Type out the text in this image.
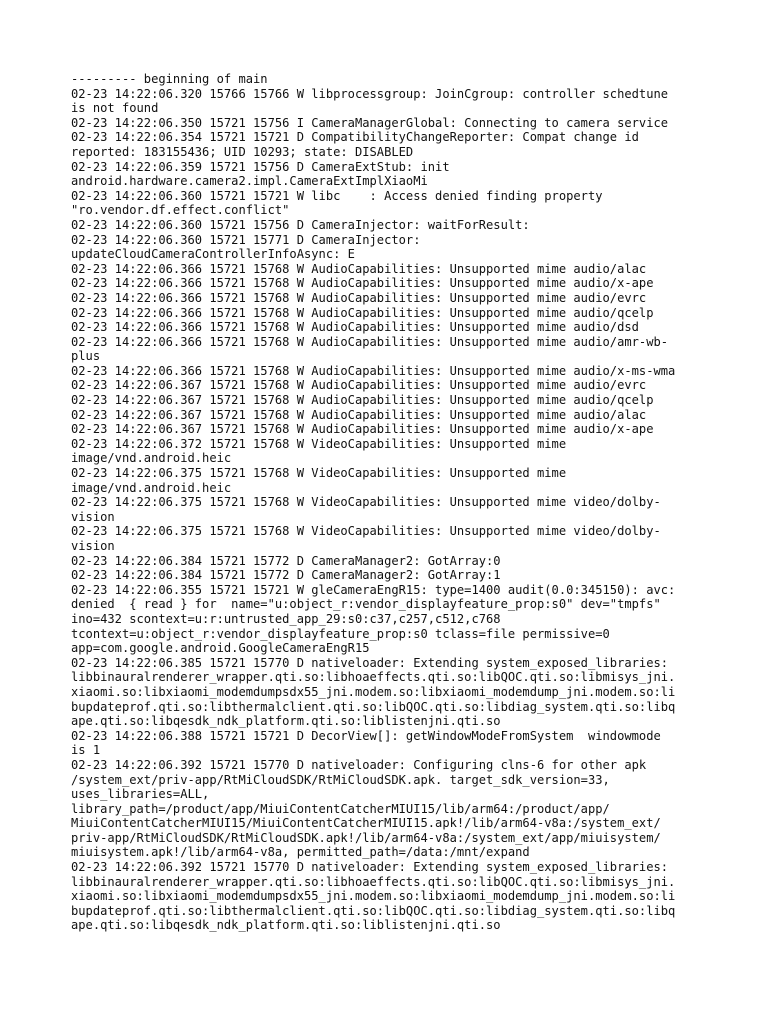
--------- beginning of main
02-23 14:22:06.320 15766 15766 W libprocessgroup: JoinCgroup: controller schedtune
is not found
02-23 14:22:06.350 15721 15756 I CameraManagerGlobal: Connecting to camera service
02-23 14:22:06.354 15721 15721 D CompatibilityChangeReporter: Compat change id
reported: 183155436; UID 10293; state: DISABLED
02-23 14:22:06.359 15721 15756 D CameraExtStub: init
android.hardware.camera2.impl.CameraExtImplXiaoMi
02-23 14:22:06.360 15721 15721 W libc    : Access denied finding property
"ro.vendor.df.effect.conflict"
02-23 14:22:06.360 15721 15756 D CameraInjector: waitForResult:
02-23 14:22:06.360 15721 15771 D CameraInjector:
updateCloudCameraControllerInfoAsync: E
02-23 14:22:06.366 15721 15768 W AudioCapabilities: Unsupported mime audio/alac
02-23 14:22:06.366 15721 15768 W AudioCapabilities: Unsupported mime audio/x-ape
02-23 14:22:06.366 15721 15768 W AudioCapabilities: Unsupported mime audio/evrc
02-23 14:22:06.366 15721 15768 W AudioCapabilities: Unsupported mime audio/qcelp
02-23 14:22:06.366 15721 15768 W AudioCapabilities: Unsupported mime audio/dsd
02-23 14:22:06.366 15721 15768 W AudioCapabilities: Unsupported mime audio/amr-wb-
plus
02-23 14:22:06.366 15721 15768 W AudioCapabilities: Unsupported mime audio/x-ms-wma
02-23 14:22:06.367 15721 15768 W AudioCapabilities: Unsupported mime audio/evrc
02-23 14:22:06.367 15721 15768 W AudioCapabilities: Unsupported mime audio/qcelp
02-23 14:22:06.367 15721 15768 W AudioCapabilities: Unsupported mime audio/alac
02-23 14:22:06.367 15721 15768 W AudioCapabilities: Unsupported mime audio/x-ape
02-23 14:22:06.372 15721 15768 W VideoCapabilities: Unsupported mime
image/vnd.android.heic
02-23 14:22:06.375 15721 15768 W VideoCapabilities: Unsupported mime
image/vnd.android.heic
02-23 14:22:06.375 15721 15768 W VideoCapabilities: Unsupported mime video/dolby-
vision
02-23 14:22:06.375 15721 15768 W VideoCapabilities: Unsupported mime video/dolby-
vision
02-23 14:22:06.384 15721 15772 D CameraManager2: GotArray:0
02-23 14:22:06.384 15721 15772 D CameraManager2: GotArray:1
02-23 14:22:06.355 15721 15721 W gleCameraEngR15: type=1400 audit(0.0:345150): avc:
denied  { read } for  name="u:object_r:vendor_displayfeature_prop:s0" dev="tmpfs"
ino=432 scontext=u:r:untrusted_app_29:s0:c37,c257,c512,c768
tcontext=u:object_r:vendor_displayfeature_prop:s0 tclass=file permissive=0
app=com.google.android.GoogleCameraEngR15
02-23 14:22:06.385 15721 15770 D nativeloader: Extending system_exposed_libraries:
libbinauralrenderer_wrapper.qti.so:libhoaeffects.qti.so:libQOC.qti.so:libmisys_jni.
xiaomi.so:libxiaomi_modemdumpsdx55_jni.modem.so:libxiaomi_modemdump_jni.modem.so:li
bupdateprof.qti.so:libthermalclient.qti.so:libQOC.qti.so:libdiag_system.qti.so:libq
ape.qti.so:libqesdk_ndk_platform.qti.so:liblistenjni.qti.so
02-23 14:22:06.388 15721 15721 D DecorView[]: getWindowModeFromSystem  windowmode
is 1
02-23 14:22:06.392 15721 15770 D nativeloader: Configuring clns-6 for other apk
/system_ext/priv-app/RtMiCloudSDK/RtMiCloudSDK.apk. target_sdk_version=33,
uses_libraries=ALL,
library_path=/product/app/MiuiContentCatcherMIUI15/lib/arm64:/product/app/
MiuiContentCatcherMIUI15/MiuiContentCatcherMIUI15.apk!/lib/arm64-v8a:/system_ext/
priv-app/RtMiCloudSDK/RtMiCloudSDK.apk!/lib/arm64-v8a:/system_ext/app/miuisystem/
miuisystem.apk!/lib/arm64-v8a, permitted_path=/data:/mnt/expand
02-23 14:22:06.392 15721 15770 D nativeloader: Extending system_exposed_libraries:
libbinauralrenderer_wrapper.qti.so:libhoaeffects.qti.so:libQOC.qti.so:libmisys_jni.
xiaomi.so:libxiaomi_modemdumpsdx55_jni.modem.so:libxiaomi_modemdump_jni.modem.so:li
bupdateprof.qti.so:libthermalclient.qti.so:libQOC.qti.so:libdiag_system.qti.so:libq
ape.qti.so:libqesdk_ndk_platform.qti.so:liblistenjni.qti.so
